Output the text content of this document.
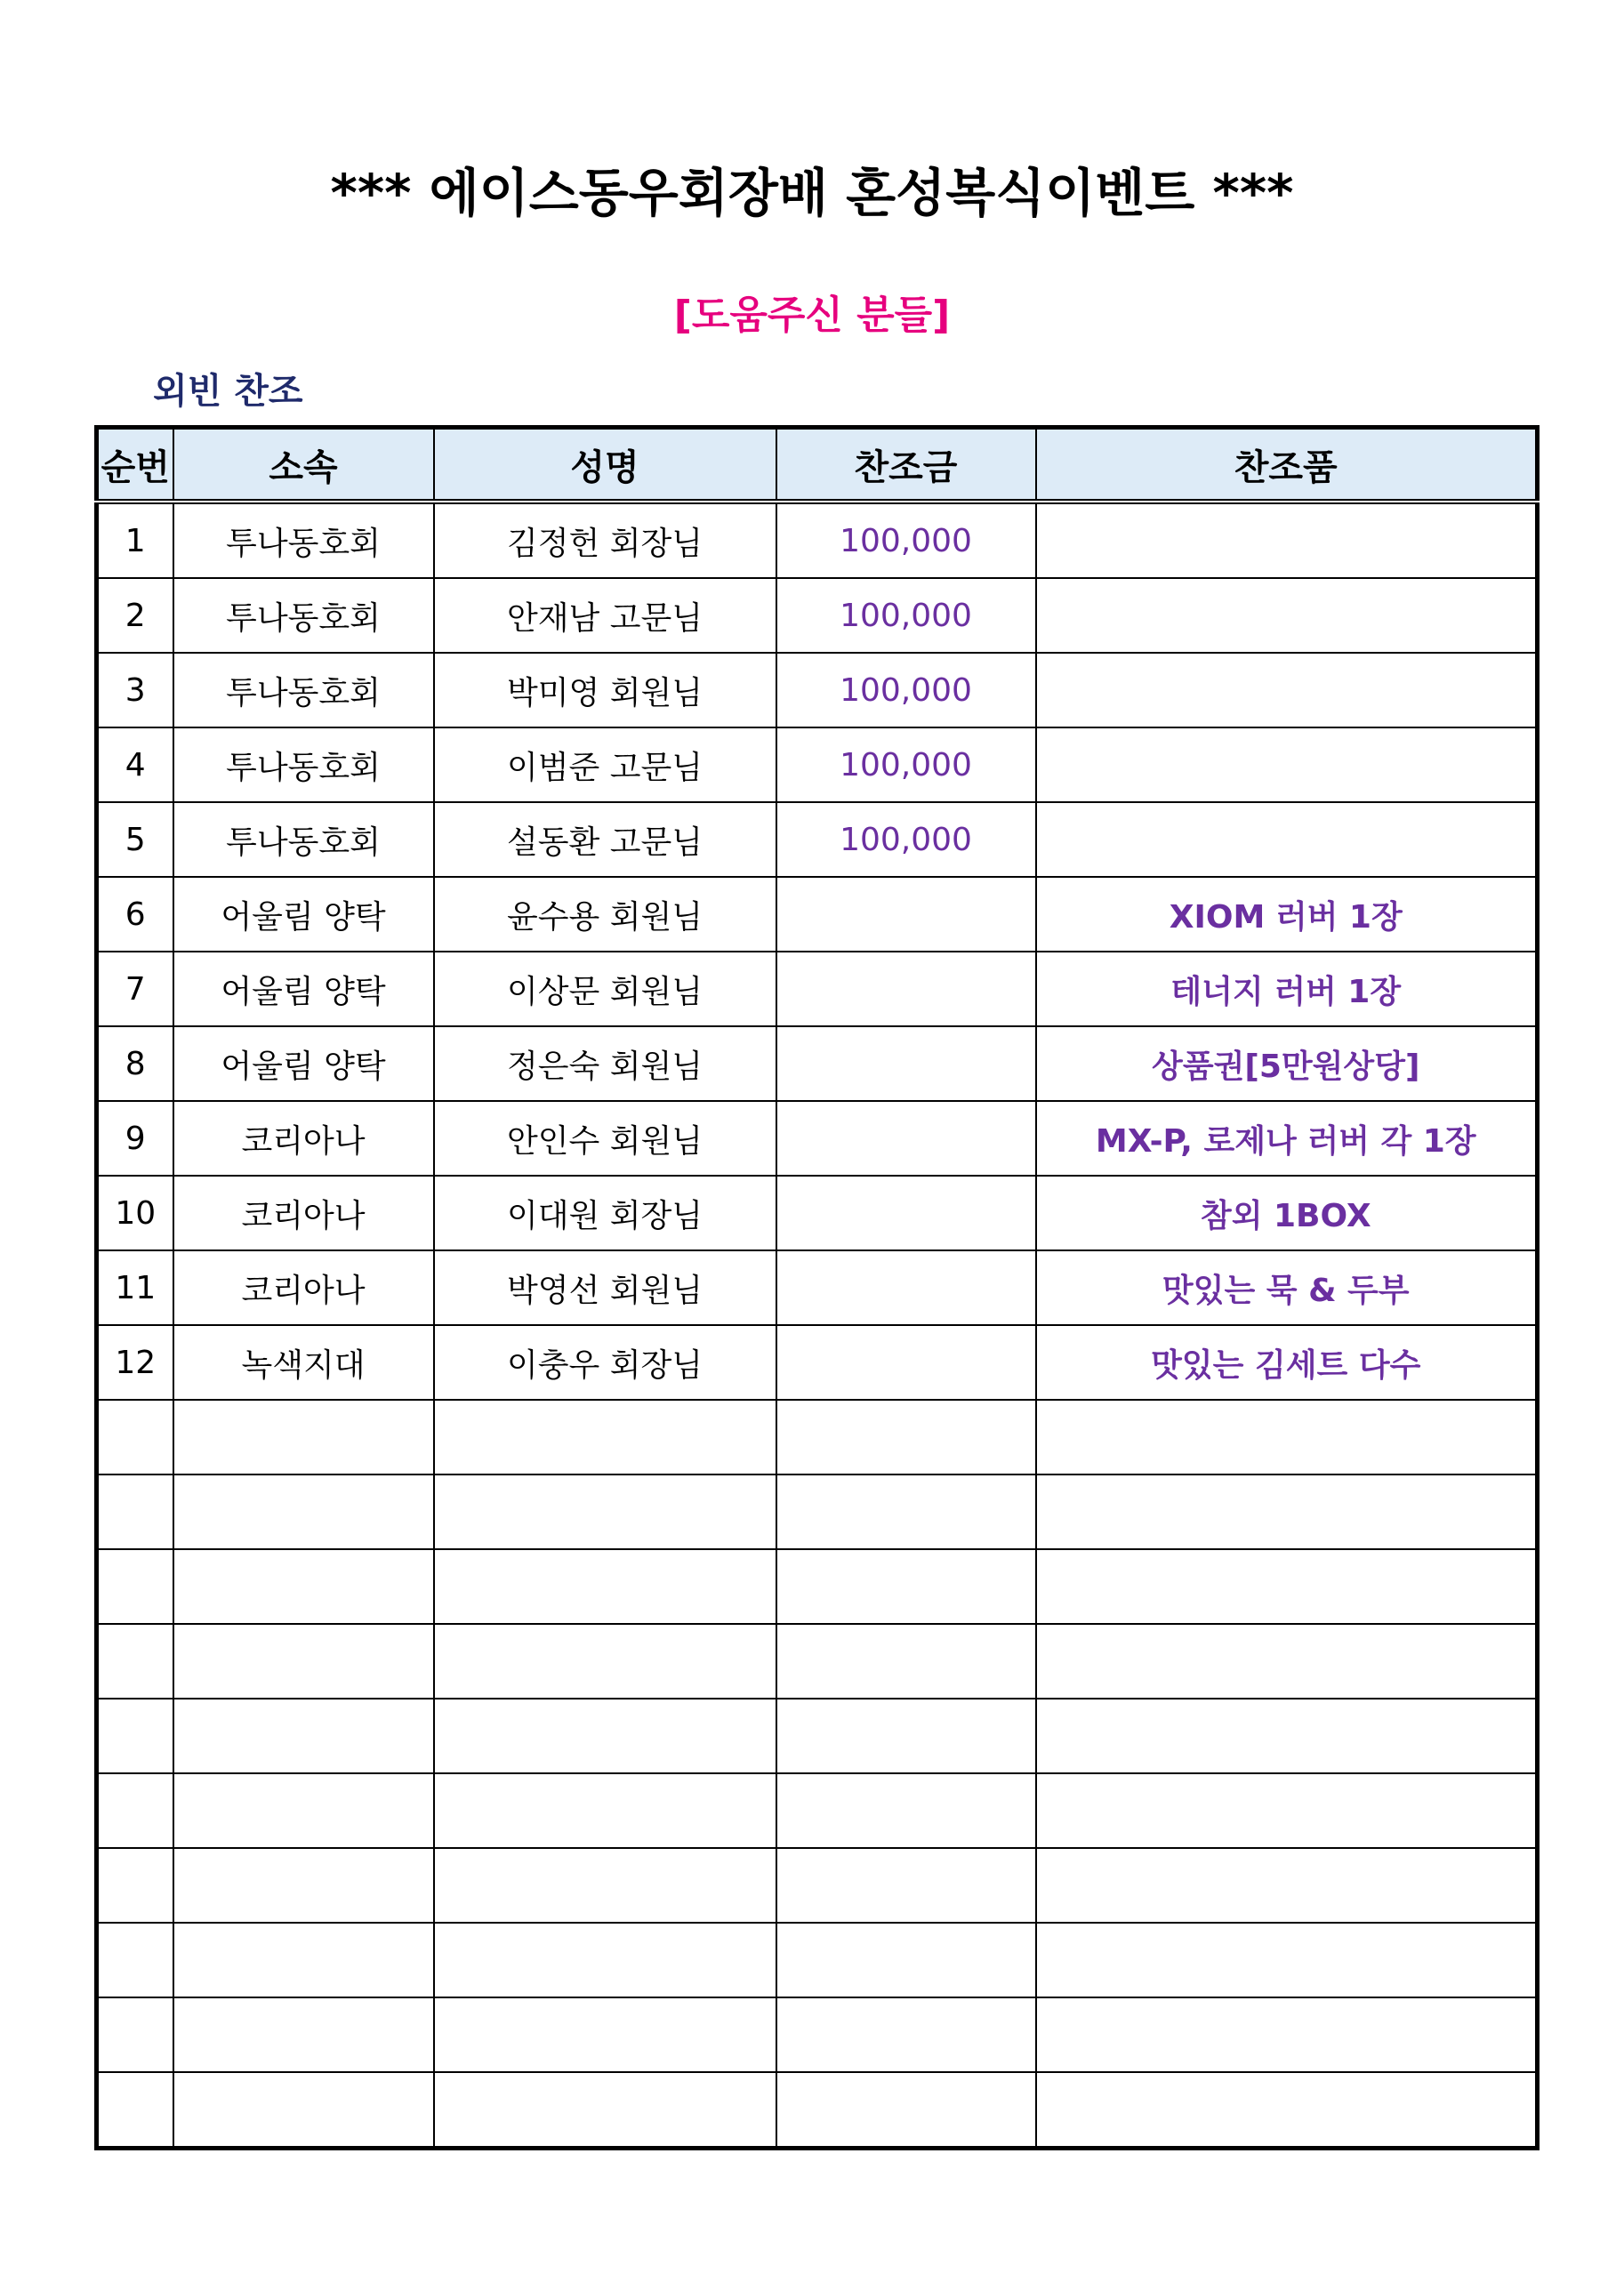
*** 에이스동우회장배 혼성복식이벤트 ***
[도움주신 분들]
외빈 찬조
순번	소속	성명	찬조금	찬조품
1	투나동호회	김정헌 회장님	100,000	
2	투나동호회	안재남 고문님	100,000	
3	투나동호회	박미영 회원님	100,000	
4	투나동호회	이범준 고문님	100,000	
5	투나동호회	설동환 고문님	100,000	
6	어울림 양탁	윤수용 회원님		XIOM 러버 1장
7	어울림 양탁	이상문 회원님		테너지 러버 1장
8	어울림 양탁	정은숙 회원님		상품권[5만원상당]
9	코리아나	안인수 회원님		MX-P, 로제나 러버 각 1장
10	코리아나	이대원 회장님		참외 1BOX
11	코리아나	박영선 회원님		맛있는 묵 & 두부
12	녹색지대	이충우 회장님		맛있는 김세트 다수
